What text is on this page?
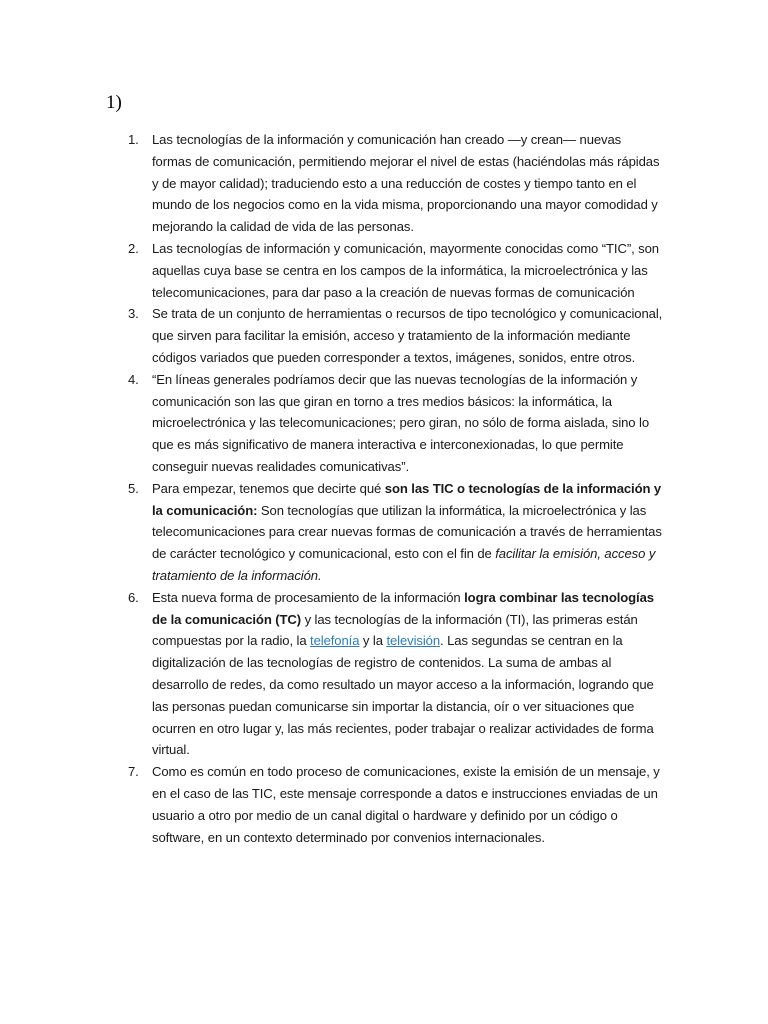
1)
1. Las tecnologías de la información y comunicación han creado —y crean— nuevas formas de comunicación, permitiendo mejorar el nivel de estas (haciéndolas más rápidas y de mayor calidad); traduciendo esto a una reducción de costes y tiempo tanto en el mundo de los negocios como en la vida misma, proporcionando una mayor comodidad y mejorando la calidad de vida de las personas.
2. Las tecnologías de información y comunicación, mayormente conocidas como “TIC”, son aquellas cuya base se centra en los campos de la informática, la microelectrónica y las telecomunicaciones, para dar paso a la creación de nuevas formas de comunicación
3. Se trata de un conjunto de herramientas o recursos de tipo tecnológico y comunicacional, que sirven para facilitar la emisión, acceso y tratamiento de la información mediante códigos variados que pueden corresponder a textos, imágenes, sonidos, entre otros.
4. “En líneas generales podríamos decir que las nuevas tecnologías de la información y comunicación son las que giran en torno a tres medios básicos: la informática, la microelectrónica y las telecomunicaciones; pero giran, no sólo de forma aislada, sino lo que es más significativo de manera interactiva e interconexionadas, lo que permite conseguir nuevas realidades comunicativas”.
5. Para empezar, tenemos que decirte qué son las TIC o tecnologías de la información y la comunicación: Son tecnologías que utilizan la informática, la microelectrónica y las telecomunicaciones para crear nuevas formas de comunicación a través de herramientas de carácter tecnológico y comunicacional, esto con el fin de facilitar la emisión, acceso y tratamiento de la información.
6. Esta nueva forma de procesamiento de la información logra combinar las tecnologías de la comunicación (TC) y las tecnologías de la información (TI), las primeras están compuestas por la radio, la telefonía y la televisión. Las segundas se centran en la digitalización de las tecnologías de registro de contenidos. La suma de ambas al desarrollo de redes, da como resultado un mayor acceso a la información, logrando que las personas puedan comunicarse sin importar la distancia, oír o ver situaciones que ocurren en otro lugar y, las más recientes, poder trabajar o realizar actividades de forma virtual.
7. Como es común en todo proceso de comunicaciones, existe la emisión de un mensaje, y en el caso de las TIC, este mensaje corresponde a datos e instrucciones enviadas de un usuario a otro por medio de un canal digital o hardware y definido por un código o software, en un contexto determinado por convenios internacionales.
